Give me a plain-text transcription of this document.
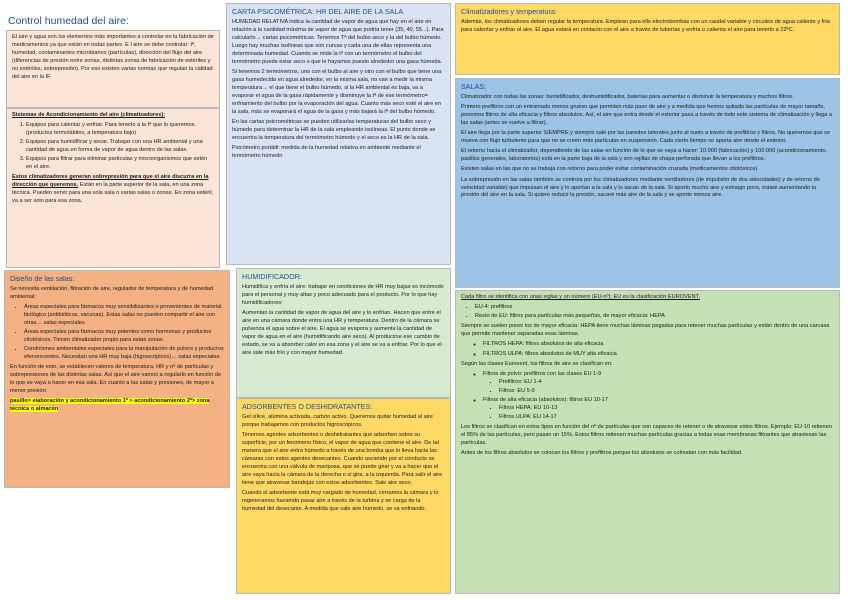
Control humedad del aire:

El aire y agua son los elementos más importantes a controlar en la fabricación de medicamentos ya que están en todas partes. E l aire se debe controlar: tª, humedad, contaminantes microbianos (partículas), dirección del flujo del aire (diferencias de presión entre zonas, distintas zonas de fabricación de estériles y no estériles, sobrepresión). Por eso existen varias normas que regulan la calidad del aire en la IF.

Sistemas de Acondicionamiento del aire (climatizadores):

1. Equipos para calentar y enfriar. Para tenerlo a la tª que lo queremos. (productos termolábiles, a temperatura bajo)
2. Equipos para humidificar y secar. Trabajar con una HR ambiental y una cantidad de agua en forma de vapor de agua dentro de las salas.
3. Equipos para filtrar para eliminar partículas y microorganismos que estén en el aire.

Estos climatizadores generan sobrepresión para que el aire discurra en la dirección que queremos. Están en la parte superior de la sala, en una zona técnica. Pueden servir para una sola sala o varias salas o zonas. En zona estéril, va a ser solo para esa zona.

Diseño de las salas:

Se necesita ventilación, filtración de aire, regulador de temperatura y de humedad ambiental:

• Áreas especiales para fármacos muy sensibilizantes o provenientes de material biológico (antibióticos, vacunas). Estas salas no pueden compartir el aire con otras→ salas especiales
• Áreas especiales para fármacos muy potentes como hormonas y productos citotóxicos. Tienen climatizador propio para estas zonas.
• Condiciones ambientales especiales para la manipulación de polvos y productos efervescentes. Necesitan una HR muy baja (higroscópicos)→ salas especiales.

En función de esto, se establecen valores de temperatura, HR y nº de partículas y sobrepresiones de las distintas salas. Así que el aire vamos a regularlo en función de lo que se vaya a hacer en esa sala. En cuanto a las salas y presiones, de mayor a menor presión:

pasillo> elaboración y acondicionamiento 1º > acondicionamiento 2º> zona técnica o almacén

CARTA PSICOMÉTRICA: HR DEL AIRE DE LA SALA

HUMEDAD RELATIVA indica la cantidad de vapor de agua que hay en el aire en relación a la cantidad máxima de vapor de agua que podría tener (35, 40, 55...). Para calcularlo→ cartas psicométricas. Tenemos Tª del bulbo seco y la del bulbo húmedo. Luego hay muchas isolíneas que son curvas y cada una de ellas representa una determinada humedad. Cuando se mide la tª con un termómetro el bulbo del termómetro puede estar seco o que le hayamos puesto alrededor una gasa húmeda.

Si tenemos 2 termómetros, uno con el bulbo al aire y otro con el bulbo que tiene una gasa humedecida en agua alrededor, en la misma sala, no van a medir la misma temperatura→ el que tiene el bulbo húmedo, si la HR ambiental es baja, va a evaporar el agua de la gasa rápidamente y disminuye la tª de ese termómetro= enfriamiento del bulbo por la evaporación del agua. Cuanto más seco esté el aire en la sala, más se evaporará el agua de la gasa y más bajará la tª del bulbo húmedo.

En las cartas psicrométricas se pueden utilizarlas temperaturas del bulbo seco y húmedo para determinar la HR de la sala empleando isolíneas. El punto donde se encuentra la temperatura del termómetro húmedo y el seco es la HR de la sala.

Psicómetro portátil: medida de la humedad relativa en ambiente mediante el termómetro húmedo

HUMIDIFICADOR:

Humidifica y enfría el aire: trabajar en condiciones de HR muy bajas es incómodo para el personal y muy altas y poco adecuado para el producto. Por lo que hay humidificadores:

Aumentan la cantidad de vapor de agua del aire y lo enfrían. Hacen que entre el aire en una cámara donde entra una HR y temperatura. Dentro de la cámara se pulveriza el agua sobre el aire. El agua se evapora y aumenta la cantidad de vapor de agua en el aire (humidificando aire seco). Al producirse ese cambio de estado, se va a absorber calor en esa zona y el aire se va a enfriar. Por lo que el aire sale más frío y con mayor humedad.

ADSORBENTES O DESHIDRATANTES:

Gel sílice, alúmina activada, carbón activo. Queremos quitar humedad al aire porque trabajamos con productos higroscópicos.

Tenemos agentes adsorbentes o deshidratantes que adsorben sobre su superficie, por un fenómeno físico, el vapor de agua que contiene el aire. De tal manera que el aire entra húmedo a través de una bomba que lo lleva hacia las cámaras con estos agentes desecantes. Cuando asciende por el conducto se encuentra con una válvula de mariposa, que se puede girar y va a hacer que el aire vaya hacia la cámara de la derecha o si gira, a la izquierda. Para salir el aire tiene que atravesar bandejas con estos adsorbentes. Sale aire seco.

Cuando el adsorbente está muy cargado de humedad, cerramos la cámara y lo regeneramos haciendo pasar aire a través de la turbina y se carga de la humedad del desecante. A medida que sale aire húmedo, se va enfriando.

Climatizadores y temperatura:

Además, los climatizadores deben regular la temperatura. Emplean para ello electrobombas con un caudal variable y circuitos de agua caliente y fría para calentar y enfriar el aire. El agua estará en contacto con el aire a través de tuberías y enfría o calienta el aire para tenerlo a 22ºC.

SALAS:

Climatizador con todas las zonas: humidificador, deshumidificador, baterías para aumentar o disminuir la temperatura y muchos filtros.

Primero prefiltros con un entramado menos grueso que permiten más paso de aire y a medida que hemos quitado las partículas de mayor tamaño, ponemos filtros de alta eficacia y filtros absolutos. Así, el aire que entra desde el exterior pasa a través de todo este sistema de climatización y llega a las salas (antes se vuelve a filtrar).

El aire llega por la parte superior SIEMPRE y siempre sale por las paredes laterales junto al suelo a través de prefiltros y filtros. No queremos que se mueva con flujo turbulento para que no se creen más partículas en suspensión. Cada cierto tiempo se aporta aire desde el exterior.

El retorno hacia el climatizador, dependiendo de las salas en función de lo que se vaya a hacer: 10.000 (fabricación) y 100.000 (acondicionamiento, pasillos generales, laboratorios) está en la parte baja de la sala y son rejillas de chapa perforada que llevan a los prefiltros.

Existen salas en las que no se trabaja con retorno para poder evitar contaminación cruzada (medicamentos citotóxicos)

La sobrepresión en las salas también se controla por los climatizadores mediante ventiladores (de impulsión de dos velocidades) y de retorno de velocidad variable) que impulsan el aire y lo aportan a la sala y lo sacan de la sala. Si aporto mucho aire y extraigo poco, estaré aumentando la presión del aire en la sala. Si quiere reducir la presión, sacaré más aire de la sala y se aporte menos aire.

Cada filtro se identifica con unas siglas y un número (EU-nº); EU es la clasificación EUROVENT.

• EU-4: prefiltros
• Resto de EU: filtros para partículas más pequeñas, de mayor eficacia: HEPA

Siempre se suelen poner los de mayor eficacia: HEPA tiene muchas láminas pegadas para retener muchas partículas y están dentro de una carcasa que permite mantener separadas esas láminas.

◦ FILTROS HEPA: filtros absolutos de alta eficacia
◦ FILTROS ULPA: filtros absolutos de MUY alta eficacia

Según las clases Eurovent, los filtros de aire se clasifican en:

◦ Filtros de polvo: prefiltros con las clases EU 1-9
▪ Prefiltros: EU 1-4
▪ Filtros: EU 5-9
◦ Filtros de alta eficacia (absolutos): filtros EU 10-17
▪ Filtros HEPA: EU 10-13
▪ Filtros ULPA: EU 14-17

Los filtros se clasifican en estos tipos en función del nº de partículas que son capaces de retener o de atravesar estos filtros. Ejemplo: EU-10 retienen el 85% de las partículas, pero pasan un 15%. Estos filtros retienen muchas partículas gracias a todas esas membranas filtrantes que atraviesan las partículas.

Antes de los filtros absolutos se colocan los filtros y prefiltros porque los absolutos se colmatan con más facilidad.
